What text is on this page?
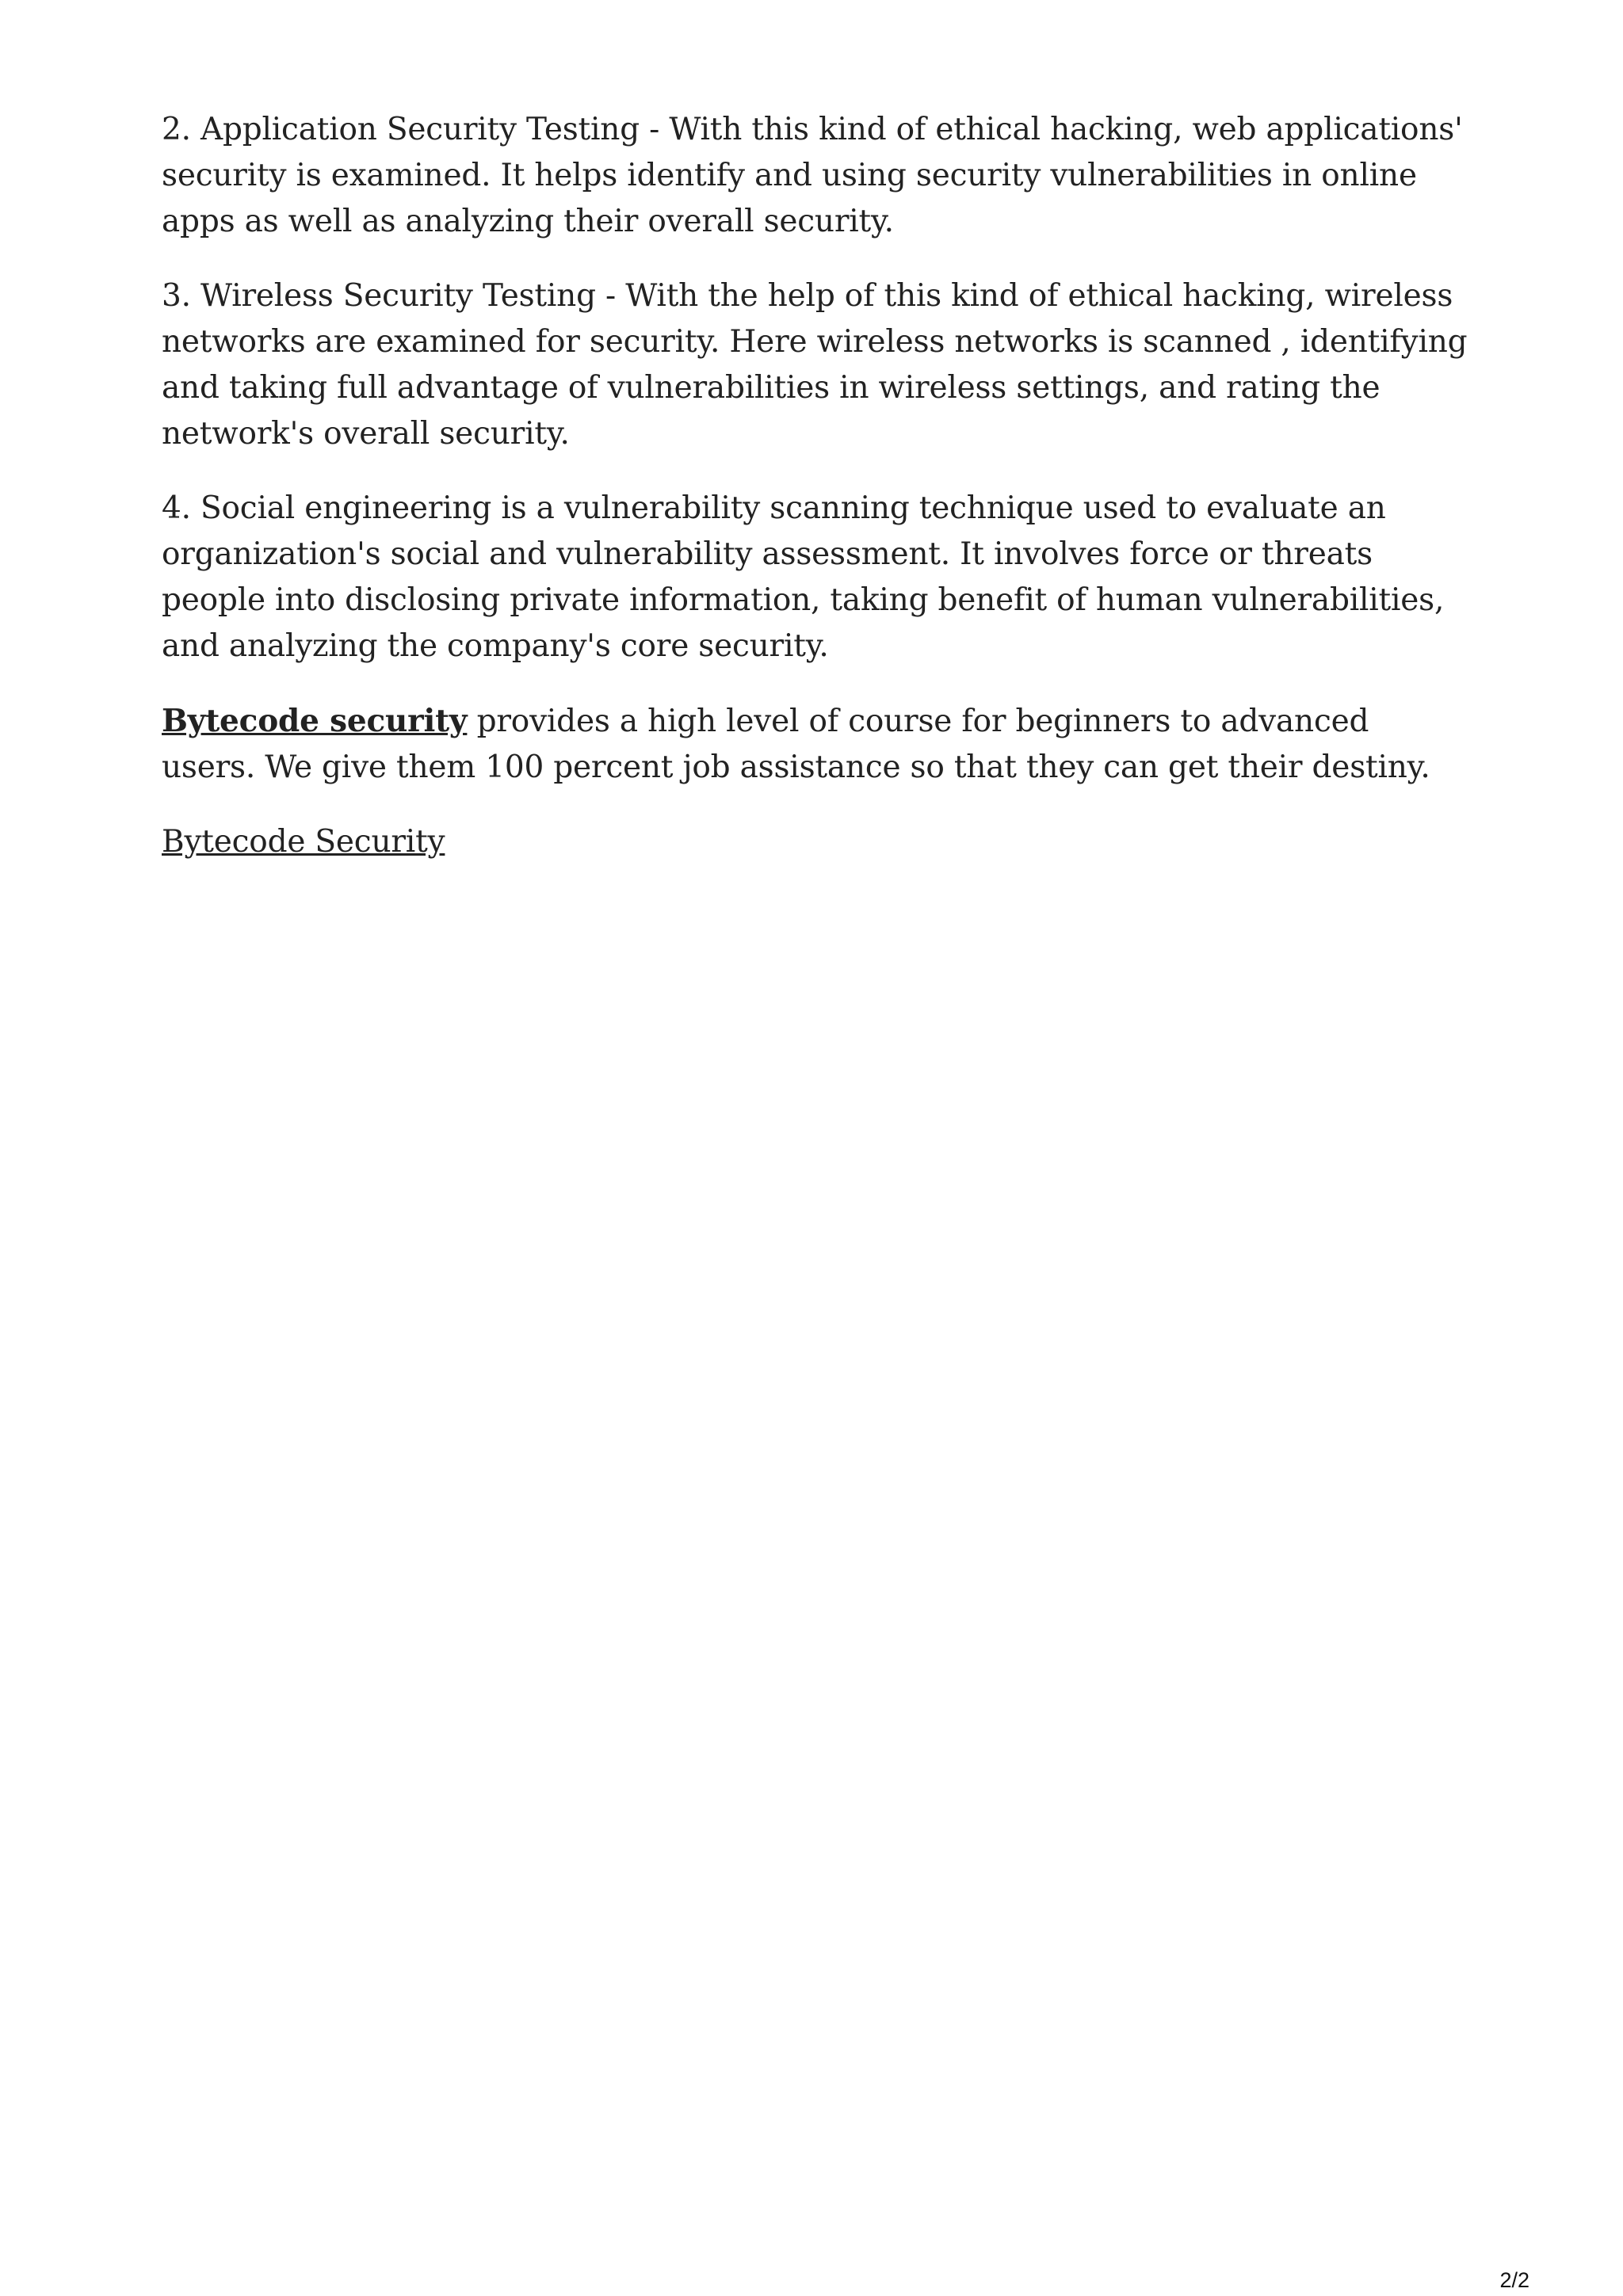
2. Application Security Testing - With this kind of ethical hacking, web applications' security is examined. It helps identify and using security vulnerabilities in online apps as well as analyzing their overall security.

3. Wireless Security Testing - With the help of this kind of ethical hacking, wireless networks are examined for security. Here wireless networks is scanned , identifying and taking full advantage of vulnerabilities in wireless settings, and rating the network's overall security.

4. Social engineering is a vulnerability scanning technique used to evaluate an organization's social and vulnerability assessment. It involves force or threats people into disclosing private information, taking benefit of human vulnerabilities, and analyzing the company's core security.

Bytecode security provides a high level of course for beginners to advanced users. We give them 100 percent job assistance so that they can get their destiny.

Bytecode Security

2/2
